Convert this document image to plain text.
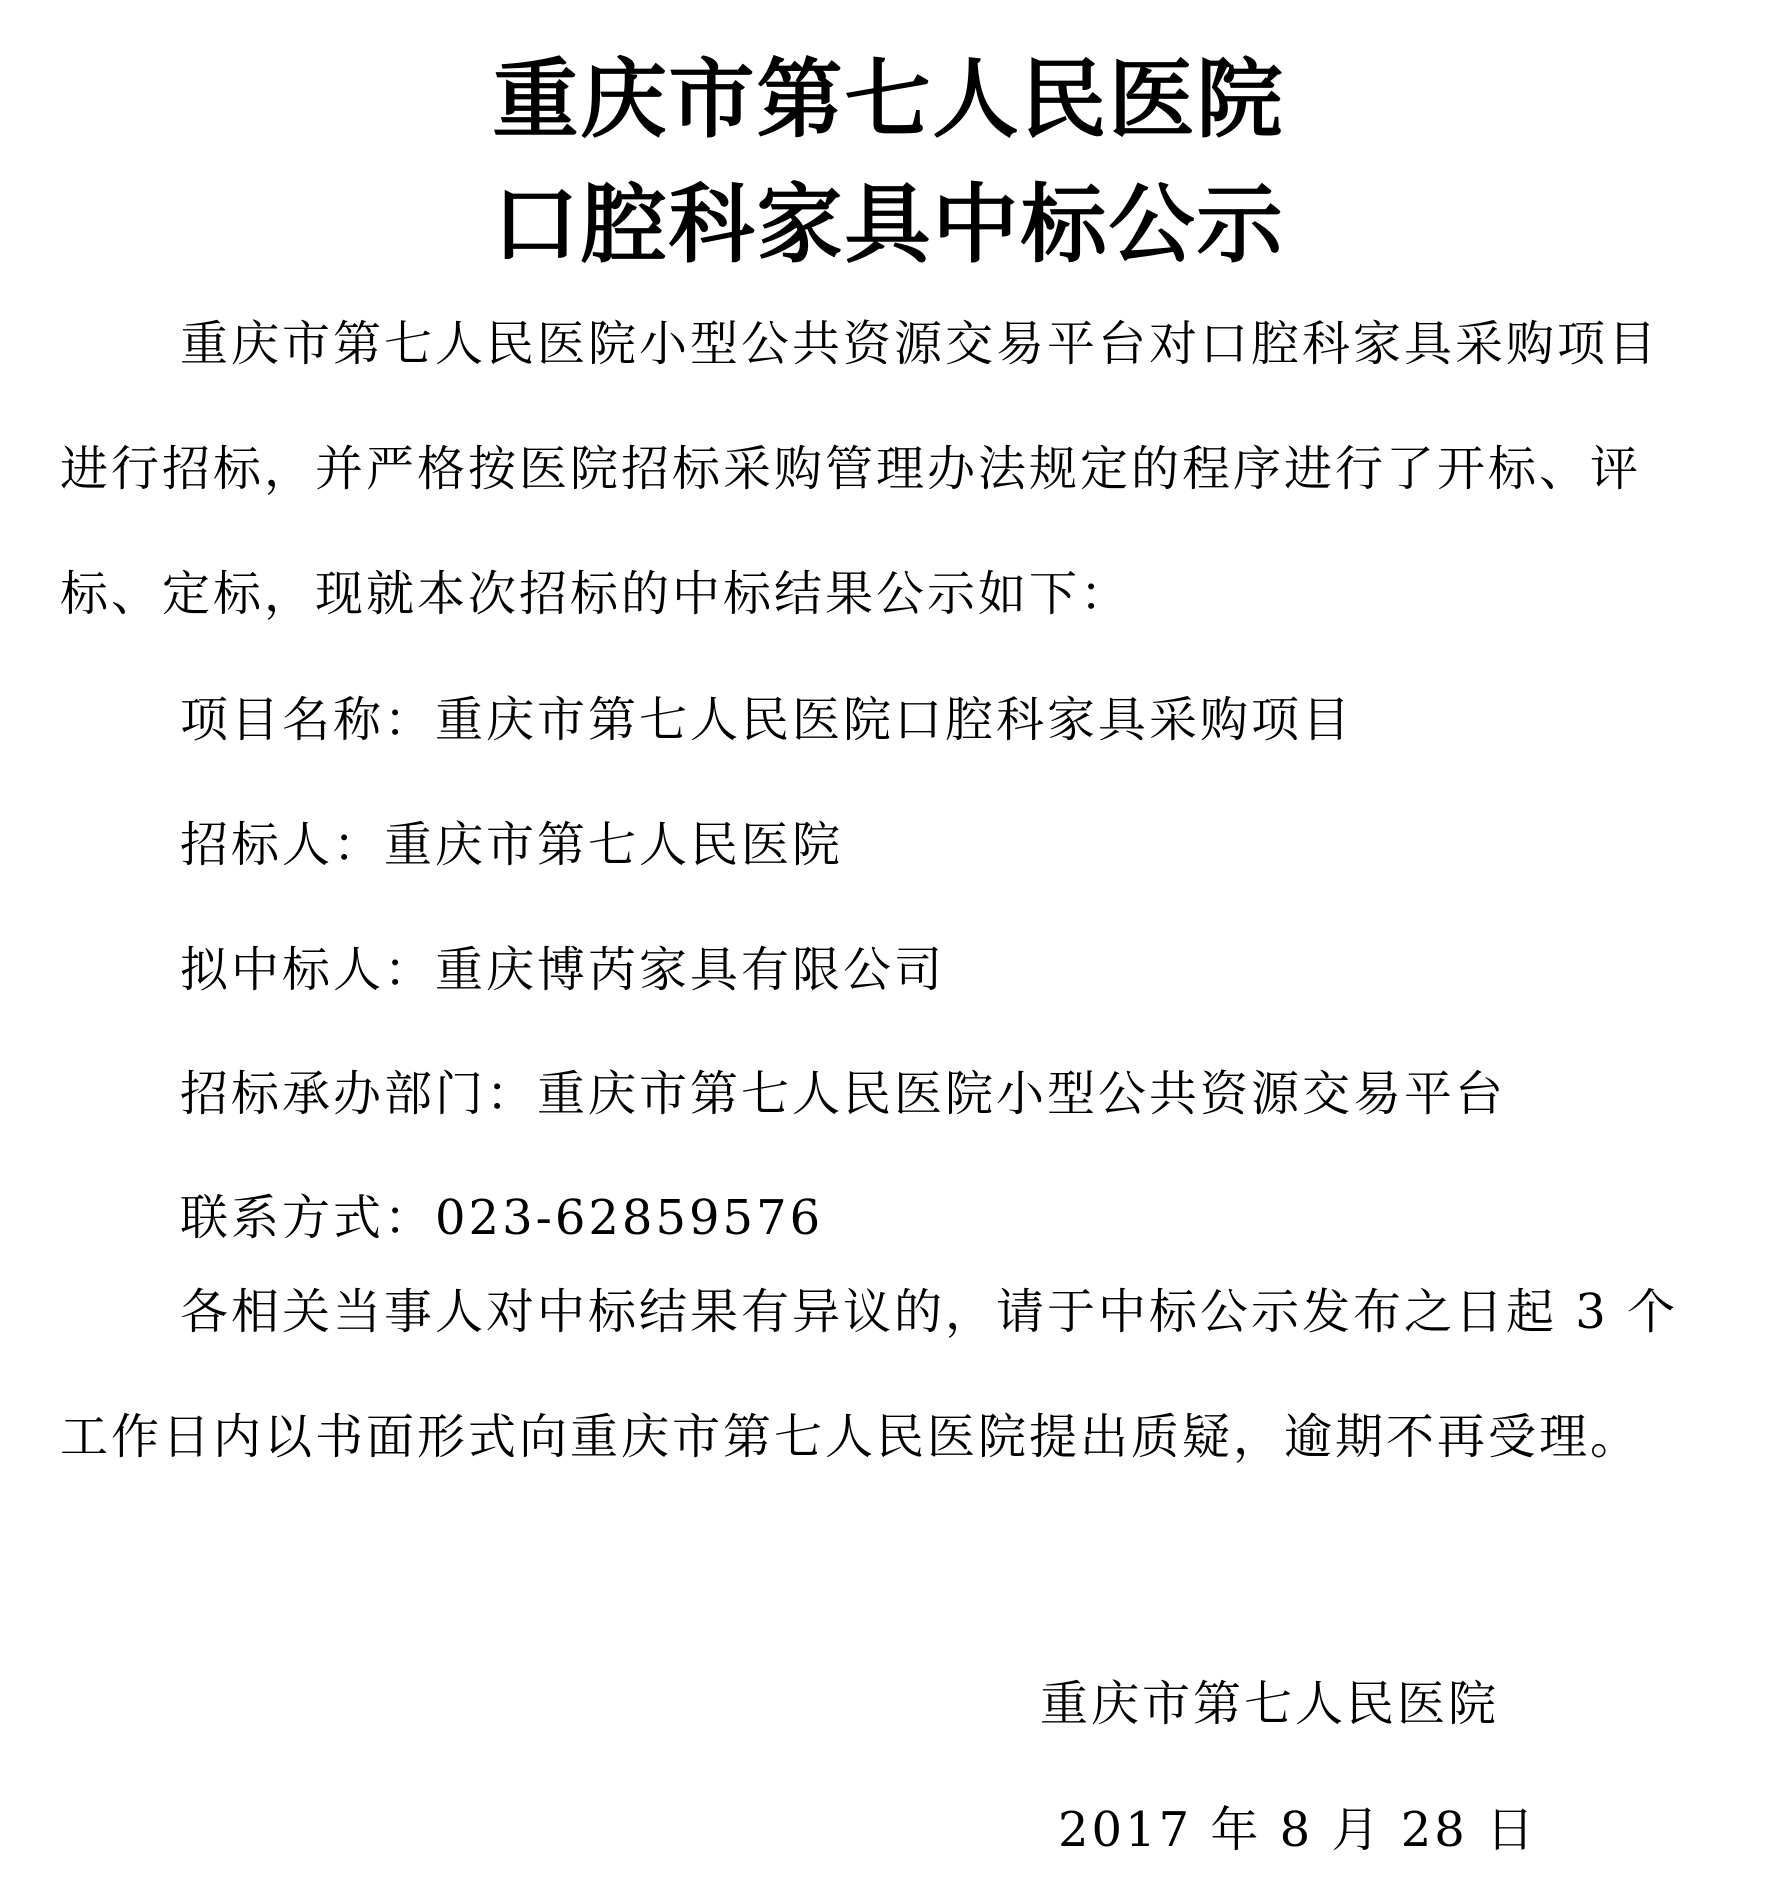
重庆市第七人民医院
口腔科家具中标公示

重庆市第七人民医院小型公共资源交易平台对口腔科家具采购项目进行招标，并严格按医院招标采购管理办法规定的程序进行了开标、评标、定标，现就本次招标的中标结果公示如下：

项目名称：重庆市第七人民医院口腔科家具采购项目
招标人：重庆市第七人民医院
拟中标人：重庆博芮家具有限公司
招标承办部门：重庆市第七人民医院小型公共资源交易平台
联系方式：023-62859576

各相关当事人对中标结果有异议的，请于中标公示发布之日起 3 个工作日内以书面形式向重庆市第七人民医院提出质疑，逾期不再受理。

重庆市第七人民医院
2017 年 8 月 28 日
